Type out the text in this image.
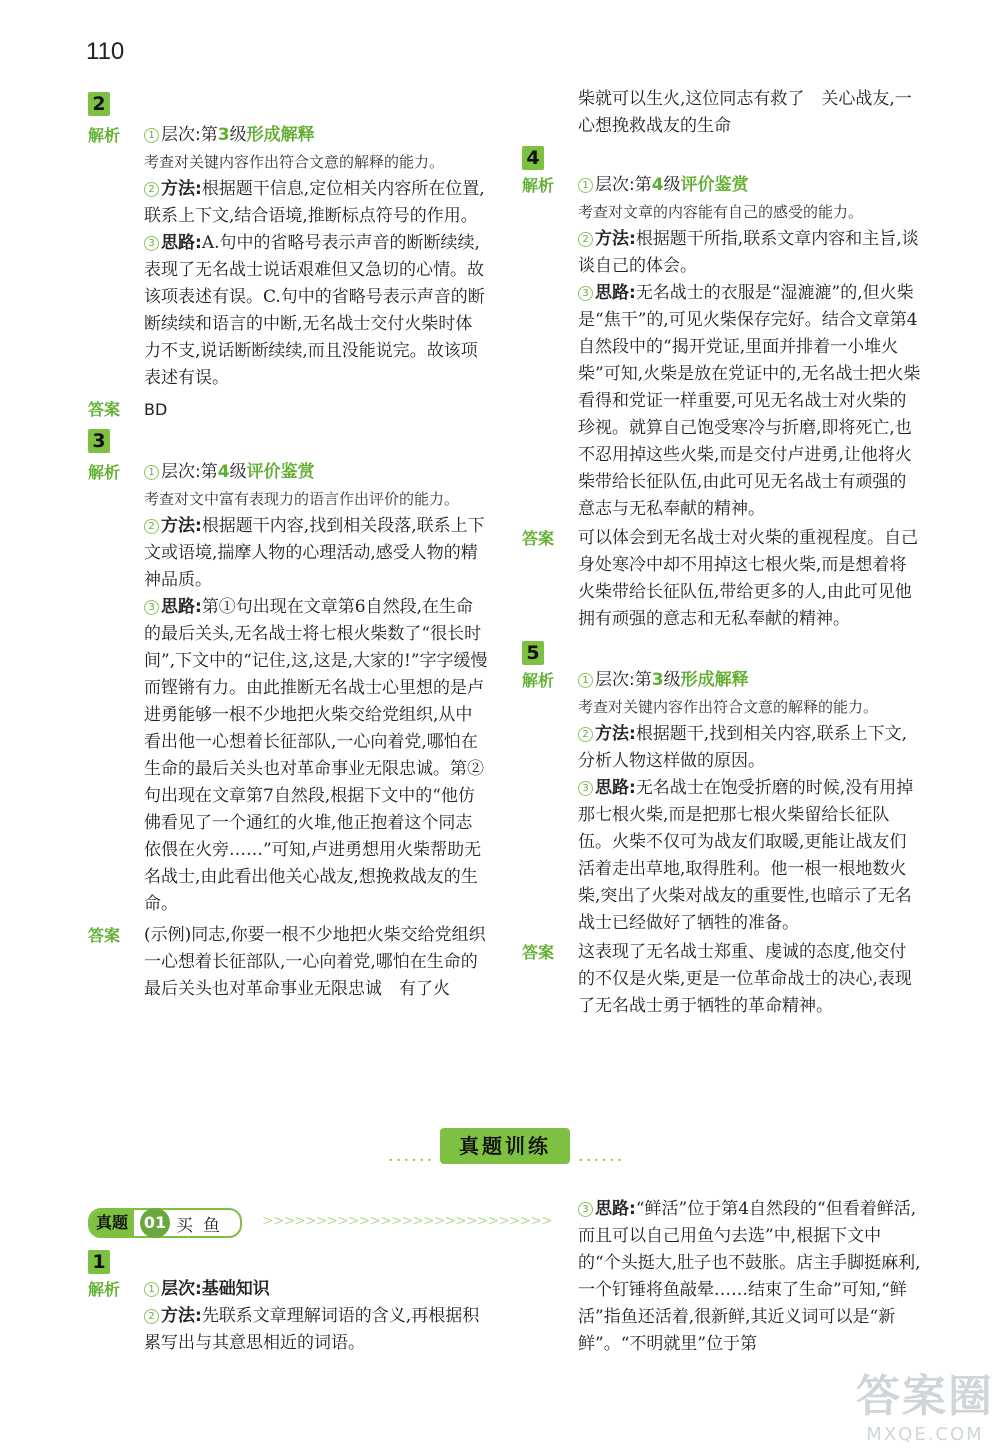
110
2
解析	1 层次:第3级形成解释

考查对关键内容作出符合文意的解释的能力。

2 方法:根据题干信息,定位相关内容所在位置,联系上下文,结合语境,推断标点符号的作用。

3 思路:A.句中的省略号表示声音的断断续续,表现了无名战士说话艰难但又急切的心情。故该项表述有误。C.句中的省略号表示声音的断断续续和语言的中断,无名战士交付火柴时体力不支,说话断断续续,而且没能说完。故该项表述有误。

答案 BD

3
解析	1 层次:第4级评价鉴赏

考查对文中富有表现力的语言作出评价的能力。

2 方法:根据题干内容,找到相关段落,联系上下文或语境,揣摩人物的心理活动,感受人物的精神品质。

3 思路:第①句出现在文章第6自然段,在生命的最后关头,无名战士将七根火柴数了“很长时间”,下文中的“记住,这,这是,大家的!”字字缓慢而铿锵有力。由此推断无名战士心里想的是卢进勇能够一根不少地把火柴交给党组织,从中看出他一心想着长征部队,一心向着党,哪怕在生命的最后关头也对革命事业无限忠诚。第②句出现在文章第7自然段,根据下文中的“他仿佛看见了一个通红的火堆,他正抱着这个同志依偎在火旁……”可知,卢进勇想用火柴帮助无名战士,由此看出他关心战友,想挽救战友的生命。

答案 (示例)同志,你要一根不少地把火柴交给党组织　一心想着长征部队,一心向着党,哪怕在生命的最后关头也对革命事业无限忠诚　有了火

柴就可以生火,这位同志有救了　关心战友,一心想挽救战友的生命

4
解析	1 层次:第4级评价鉴赏

考查对文章的内容能有自己的感受的能力。

2 方法:根据题干所指,联系文章内容和主旨,谈谈自己的体会。

3 思路:无名战士的衣服是“湿漉漉”的,但火柴是“焦干”的,可见火柴保存完好。结合文章第4自然段中的“揭开党证,里面并排着一小堆火柴”可知,火柴是放在党证中的,无名战士把火柴看得和党证一样重要,可见无名战士对火柴的珍视。就算自己饱受寒冷与折磨,即将死亡,也不忍用掉这些火柴,而是交付卢进勇,让他将火柴带给长征队伍,由此可见无名战士有顽强的意志与无私奉献的精神。

答案 可以体会到无名战士对火柴的重视程度。自己身处寒冷中却不用掉这七根火柴,而是想着将火柴带给长征队伍,带给更多的人,由此可见他拥有顽强的意志和无私奉献的精神。

5
解析	1 层次:第3级形成解释

考查对关键内容作出符合文意的解释的能力。

2 方法:根据题干,找到相关内容,联系上下文,分析人物这样做的原因。

3 思路:无名战士在饱受折磨的时候,没有用掉那七根火柴,而是把那七根火柴留给长征队伍。火柴不仅可为战友们取暖,更能让战友们活着走出草地,取得胜利。他一根一根地数火柴,突出了火柴对战友的重要性,也暗示了无名战士已经做好了牺牲的准备。

答案 这表现了无名战士郑重、虔诚的态度,他交付的不仅是火柴,更是一位革命战士的决心,表现了无名战士勇于牺牲的革命精神。

······
真题训练
······
真题 01 买鱼 >>>>>>>>>>>>>>>>>>>>>>>>>>>
1
解析	1 层次:基础知识

2 方法:先联系文章理解词语的含义,再根据积累写出与其意思相近的词语。

3 思路:“鲜活”位于第4自然段的“但看着鲜活,而且可以自己用鱼勺去选”中,根据下文中的“个头挺大,肚子也不鼓胀。店主手脚挺麻利,一个钉锤将鱼敲晕……结束了生命”可知,“鲜活”指鱼还活着,很新鲜,其近义词可以是“新鲜”。“不明就里”位于第

答案圈
MXQE.COM
